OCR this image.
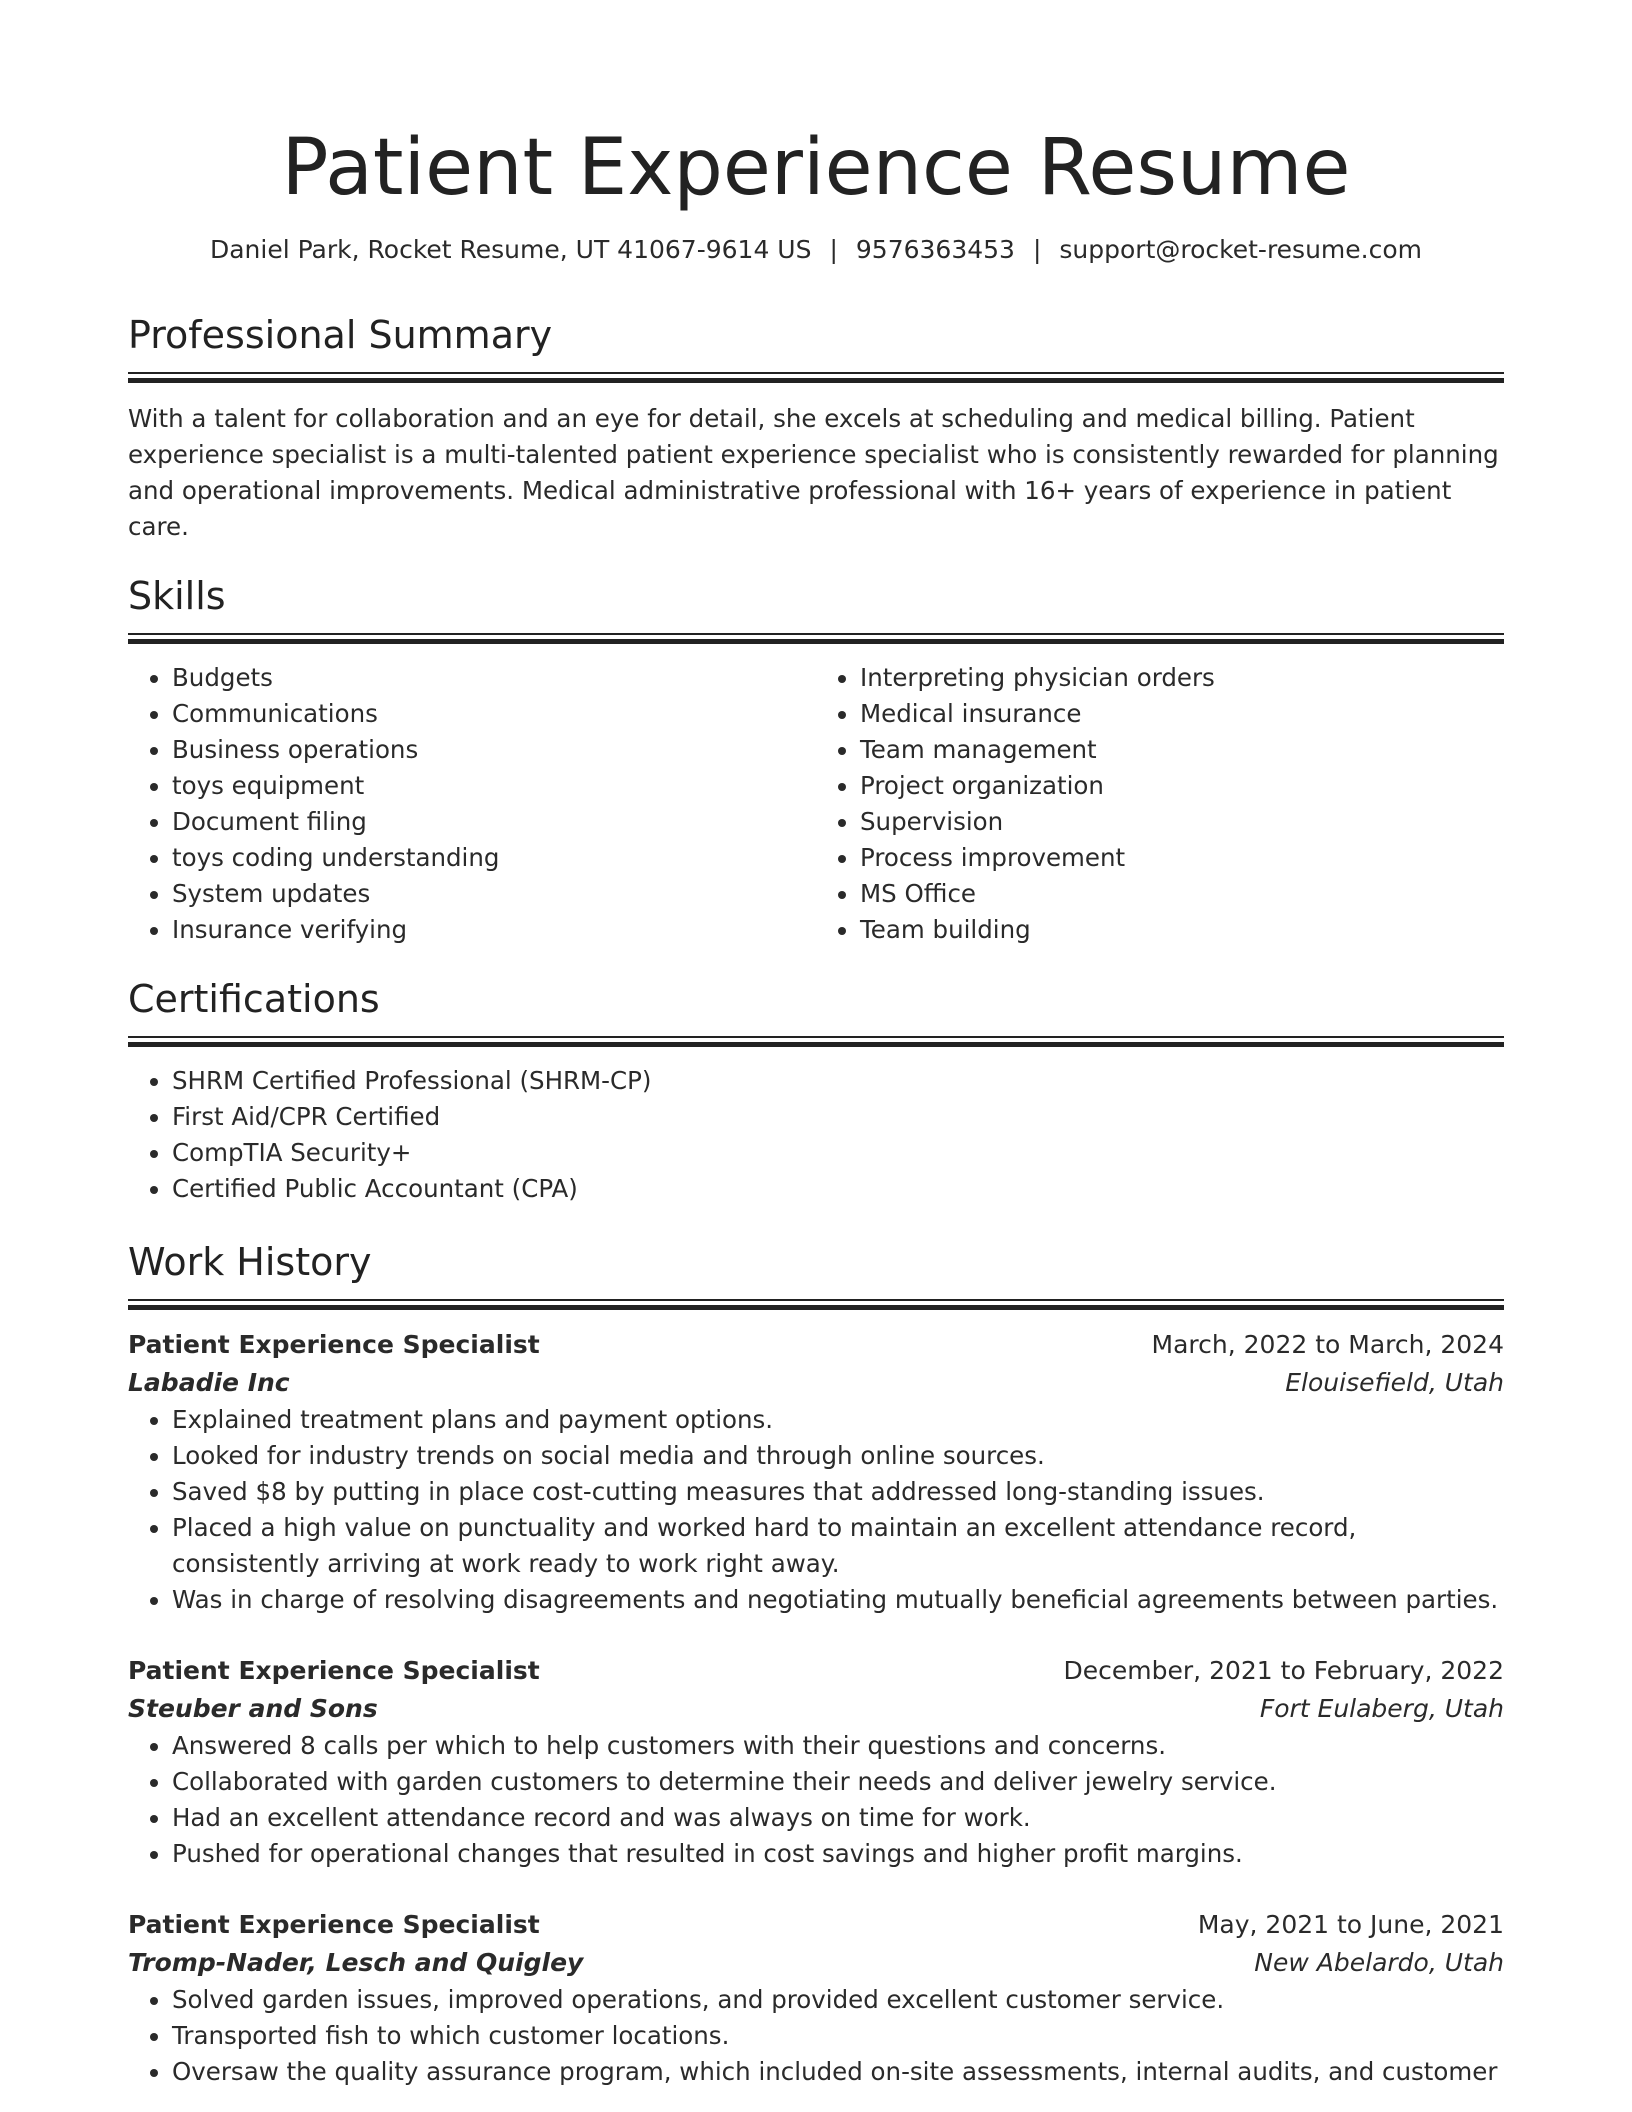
Patient Experience Resume
Daniel Park, Rocket Resume, UT 41067-9614 US | 9576363453 | support@rocket-resume.com
Professional Summary

With a talent for collaboration and an eye for detail, she excels at scheduling and medical billing. Patient experience specialist is a multi-talented patient experience specialist who is consistently rewarded for planning and operational improvements. Medical administrative professional with 16+ years of experience in patient care.

Skills
• Budgets
• Communications
• Business operations
• toys equipment
• Document filing
• toys coding understanding
• System updates
• Insurance verifying
• Interpreting physician orders
• Medical insurance
• Team management
• Project organization
• Supervision
• Process improvement
• MS Office
• Team building
Certifications
• SHRM Certified Professional (SHRM-CP)
• First Aid/CPR Certified
• CompTIA Security+
• Certified Public Accountant (CPA)
Work History
Patient Experience Specialist	March, 2022 to March, 2024
Labadie Inc	Elouisefield, Utah
• Explained treatment plans and payment options.
• Looked for industry trends on social media and through online sources.
• Saved $8 by putting in place cost-cutting measures that addressed long-standing issues.
• Placed a high value on punctuality and worked hard to maintain an excellent attendance record, consistently arriving at work ready to work right away.
• Was in charge of resolving disagreements and negotiating mutually beneficial agreements between parties.
Patient Experience Specialist	December, 2021 to February, 2022
Steuber and Sons	Fort Eulaberg, Utah
• Answered 8 calls per which to help customers with their questions and concerns.
• Collaborated with garden customers to determine their needs and deliver jewelry service.
• Had an excellent attendance record and was always on time for work.
• Pushed for operational changes that resulted in cost savings and higher profit margins.
Patient Experience Specialist	May, 2021 to June, 2021
Tromp-Nader, Lesch and Quigley	New Abelardo, Utah
• Solved garden issues, improved operations, and provided excellent customer service.
• Transported fish to which customer locations.
• Oversaw the quality assurance program, which included on-site assessments, internal audits, and customer
